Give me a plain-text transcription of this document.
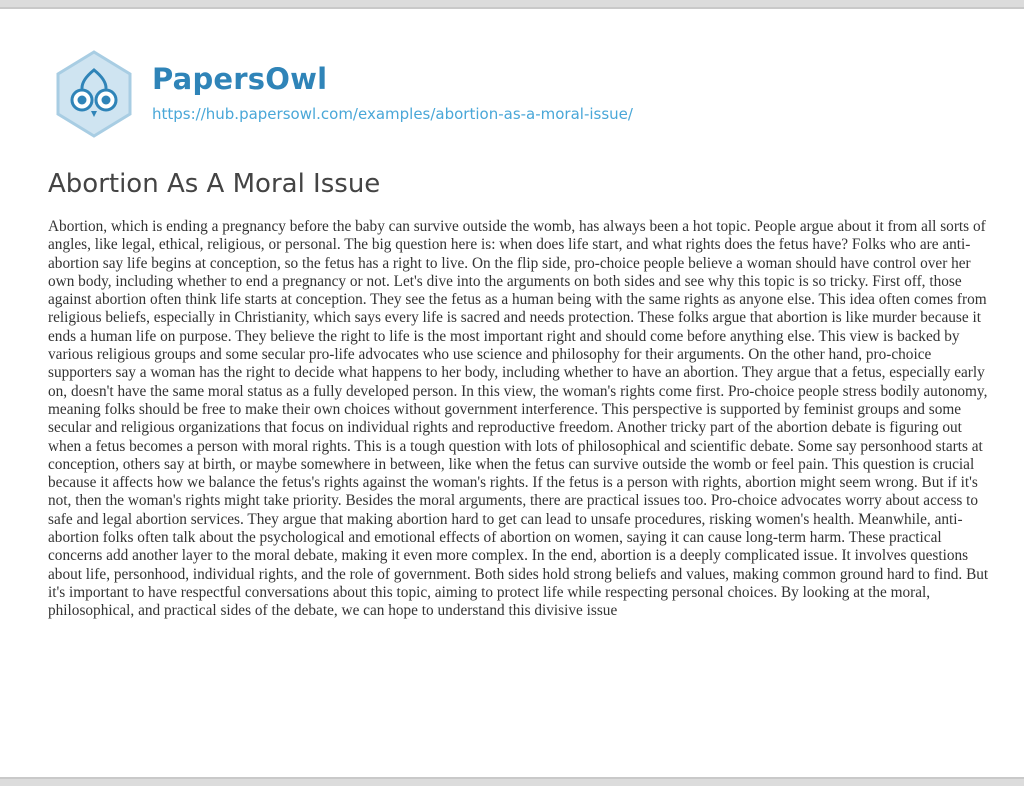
PapersOwl
https://hub.papersowl.com/examples/abortion-as-a-moral-issue/
Abortion As A Moral Issue

Abortion, which is ending a pregnancy before the baby can survive outside the womb, has always been a hot topic. People argue about it from all sorts of angles, like legal, ethical, religious, or personal. The big question here is: when does life start, and what rights does the fetus have? Folks who are anti-abortion say life begins at conception, so the fetus has a right to live. On the flip side, pro-choice people believe a woman should have control over her own body, including whether to end a pregnancy or not. Let's dive into the arguments on both sides and see why this topic is so tricky. First off, those against abortion often think life starts at conception. They see the fetus as a human being with the same rights as anyone else. This idea often comes from religious beliefs, especially in Christianity, which says every life is sacred and needs protection. These folks argue that abortion is like murder because it ends a human life on purpose. They believe the right to life is the most important right and should come before anything else. This view is backed by various religious groups and some secular pro-life advocates who use science and philosophy for their arguments. On the other hand, pro-choice supporters say a woman has the right to decide what happens to her body, including whether to have an abortion. They argue that a fetus, especially early on, doesn't have the same moral status as a fully developed person. In this view, the woman's rights come first. Pro-choice people stress bodily autonomy, meaning folks should be free to make their own choices without government interference. This perspective is supported by feminist groups and some secular and religious organizations that focus on individual rights and reproductive freedom. Another tricky part of the abortion debate is figuring out when a fetus becomes a person with moral rights. This is a tough question with lots of philosophical and scientific debate. Some say personhood starts at conception, others say at birth, or maybe somewhere in between, like when the fetus can survive outside the womb or feel pain. This question is crucial because it affects how we balance the fetus's rights against the woman's rights. If the fetus is a person with rights, abortion might seem wrong. But if it's not, then the woman's rights might take priority. Besides the moral arguments, there are practical issues too. Pro-choice advocates worry about access to safe and legal abortion services. They argue that making abortion hard to get can lead to unsafe procedures, risking women's health. Meanwhile, anti-abortion folks often talk about the psychological and emotional effects of abortion on women, saying it can cause long-term harm. These practical concerns add another layer to the moral debate, making it even more complex. In the end, abortion is a deeply complicated issue. It involves questions about life, personhood, individual rights, and the role of government. Both sides hold strong beliefs and values, making common ground hard to find. But it's important to have respectful conversations about this topic, aiming to protect life while respecting personal choices. By looking at the moral, philosophical, and practical sides of the debate, we can hope to understand this divisive issue
